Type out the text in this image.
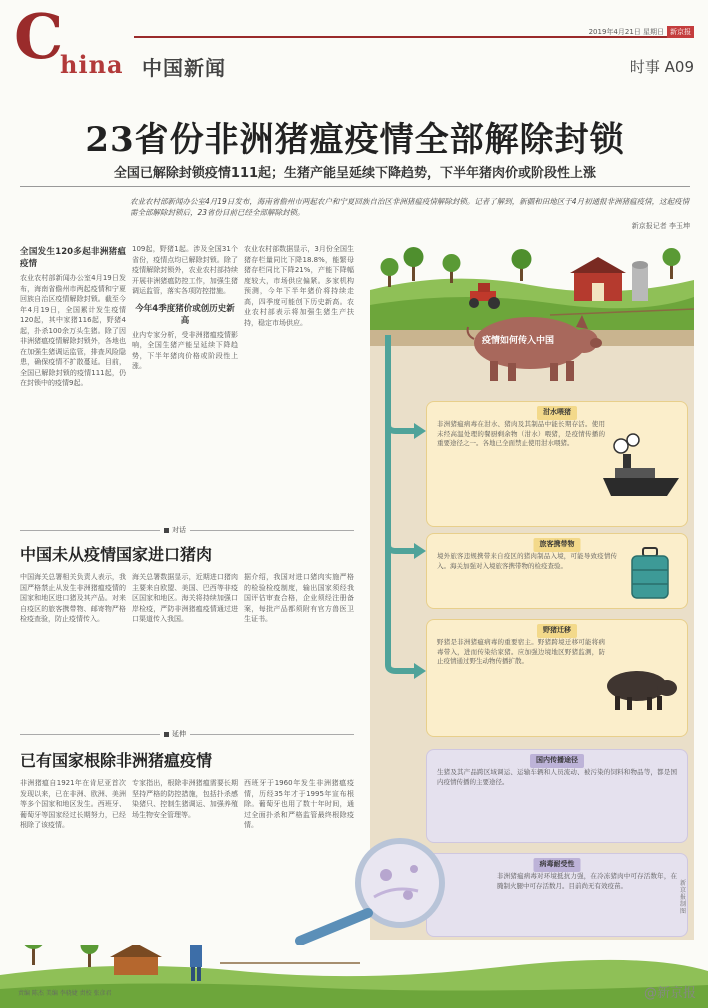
C
hina 中国新闻
2019年4月21日 星期日 新京报
时事 A09
23省份非洲猪瘟疫情全部解除封锁
全国已解除封锁疫情111起；生猪产能呈延续下降趋势，下半年猪肉价或阶段性上涨
农业农村部新闻办公室4月19日发布，海南省儋州市两起农户和宁夏回族自治区非洲猪瘟疫情解除封锁。记者了解到，新疆和田地区于4月初通报非洲猪瘟疫情，这起疫情需全部解除封锁后，23省份目前已经全部解除封锁。
新京报记者 李玉坤
全国发生120多起非洲猪瘟疫情
农业农村部新闻办公室4月19日发布，海南省儋州市两起疫情和宁夏回族自治区疫情解除封锁。截至今年4月19日，全国累计发生疫情120起，其中家猪116起，野猪4起，扑杀100余万头生猪。除了因非洲猪瘟疫情解除封锁外，各地也在加强生猪调运监管，排查风险隐患，确保疫情不扩散蔓延。目前，全国已解除封锁的疫情111起，仍在封锁中的疫情9起。
109起，野猪1起。涉及全国31个省份，疫情点均已解除封锁。除了疫情解除封锁外，农业农村部持续开展非洲猪瘟防控工作，加强生猪调运监管，落实各项防控措施。
今年4季度猪价或创历史新高
业内专家分析，受非洲猪瘟疫情影响，全国生猪产能呈延续下降趋势，下半年猪肉价格或阶段性上涨。
农业农村部数据显示，3月份全国生猪存栏量同比下降18.8%，能繁母猪存栏同比下降21%，产能下降幅度较大，市场供应偏紧。多家机构预测，今年下半年猪价将持续走高，四季度可能创下历史新高。农业农村部表示将加强生猪生产扶持，稳定市场供应。
对话
中国未从疫情国家进口猪肉
中国海关总署相关负责人表示，我国严格禁止从发生非洲猪瘟疫情的国家和地区进口猪及其产品。对来自疫区的旅客携带物、邮寄物严格检疫查验，防止疫情传入。
海关总署数据显示，近期进口猪肉主要来自欧盟、美国、巴西等非疫区国家和地区。海关将持续加强口岸检疫，严防非洲猪瘟疫情通过进口渠道传入我国。
据介绍，我国对进口猪肉实施严格的检验检疫制度，输出国家须经我国评估审查合格，企业须经注册备案，每批产品都须附有官方兽医卫生证书。
延伸
已有国家根除非洲猪瘟疫情
非洲猪瘟自1921年在肯尼亚首次发现以来，已在非洲、欧洲、美洲等多个国家和地区发生。西班牙、葡萄牙等国家经过长期努力，已经根除了该疫情。
专家指出，根除非洲猪瘟需要长期坚持严格的防控措施，包括扑杀感染猪只、控制生猪调运、加强养殖场生物安全管理等。
西班牙于1960年发生非洲猪瘟疫情，历经35年才于1995年宣布根除。葡萄牙也用了数十年时间，通过全面扑杀和严格监管最终根除疫情。
疫情如何传入中国
泔水喂猪
非洲猪瘟病毒在泔水、猪肉及其制品中能长期存活。使用未经高温处理的餐厨剩余物（泔水）喂猪，是疫情传播的重要途径之一。各地已全面禁止使用泔水喂猪。
旅客携带物
境外旅客违规携带来自疫区的猪肉制品入境，可能导致疫情传入。海关加强对入境旅客携带物的检疫查验。
野猪迁移
野猪是非洲猪瘟病毒的重要宿主。野猪跨境迁移可能将病毒带入，进而传染给家猪。应加强边境地区野猪监测，防止疫情通过野生动物传播扩散。
国内传播途径
生猪及其产品跨区域调运、运输车辆和人员流动、被污染的饲料和物品等，都是国内疫情传播的主要途径。
病毒耐受性
非洲猪瘟病毒对环境抵抗力强，在冷冻猪肉中可存活数年，在腌制火腿中可存活数月。目前尚无有效疫苗。
责编 陈杰 美编 李骁婕 责校 张彦君	@新京报
新京报制图
